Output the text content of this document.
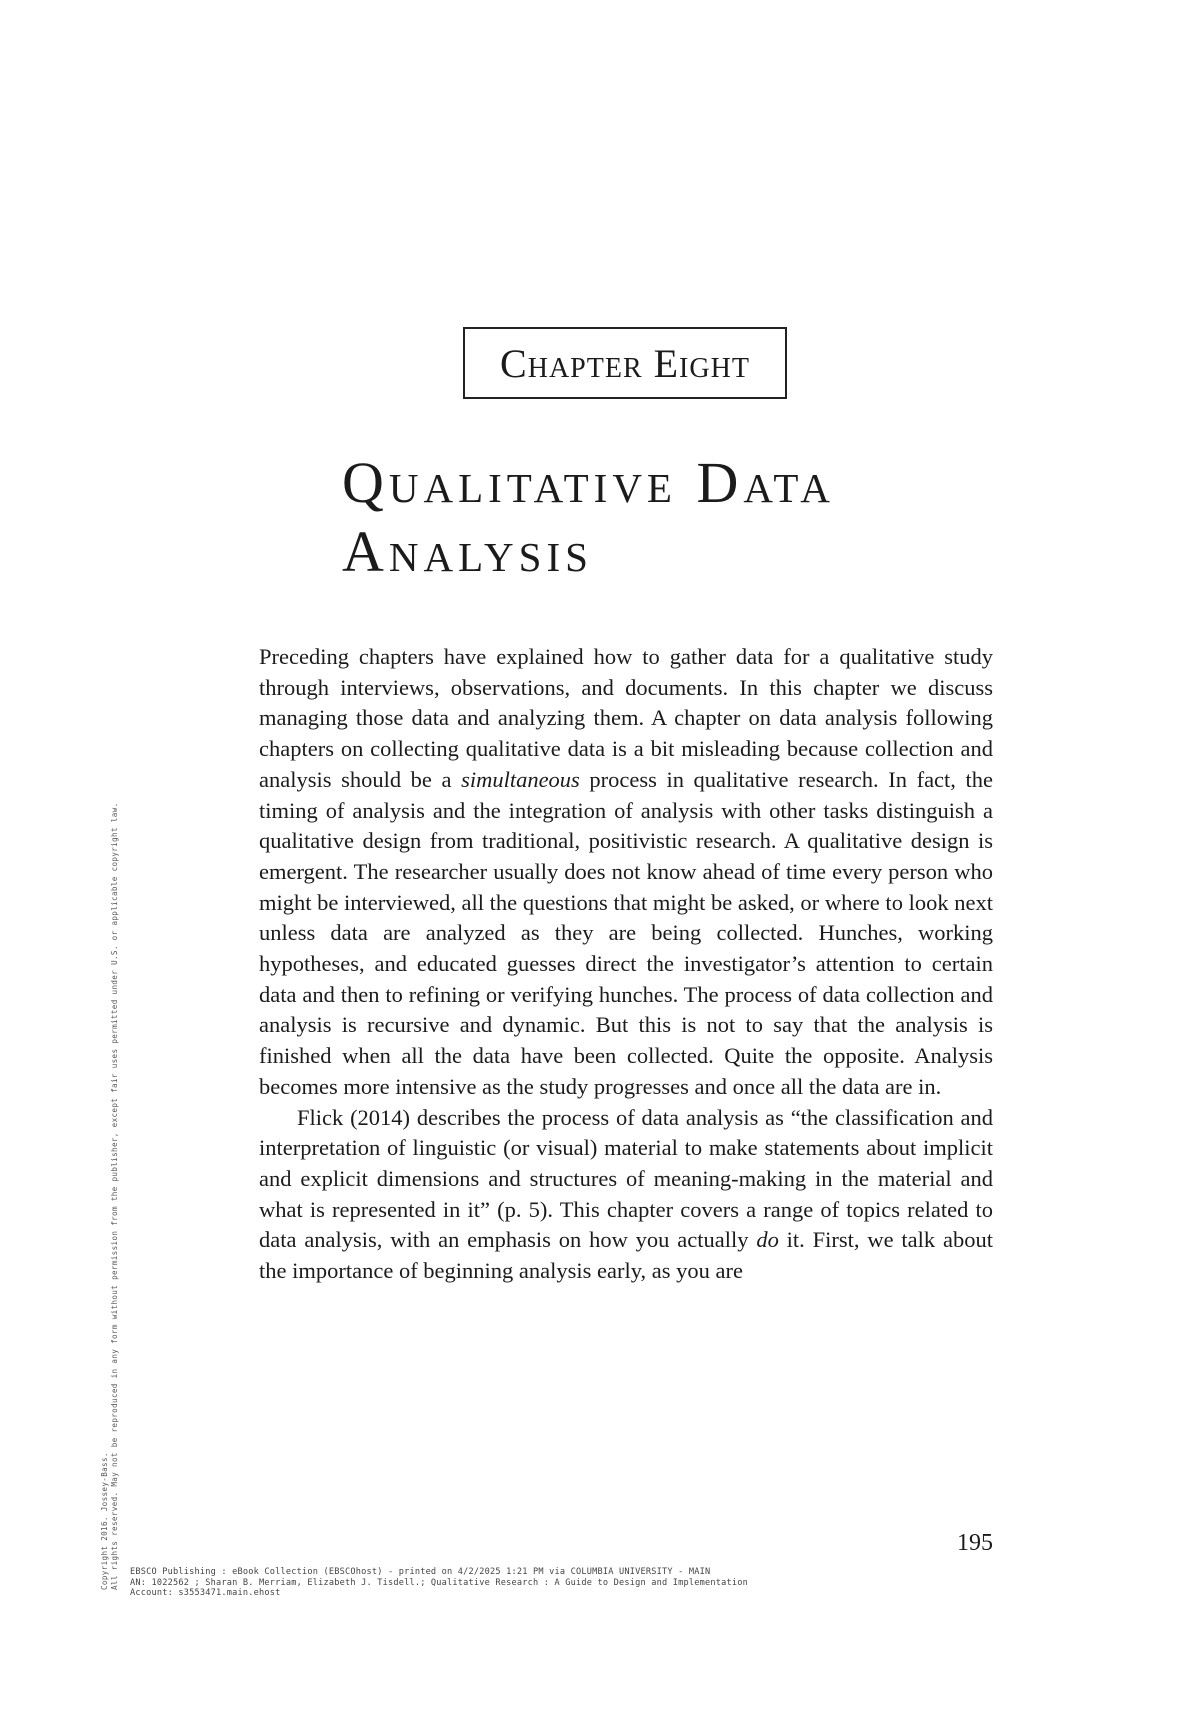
Chapter Eight
Qualitative Data
Analysis

Preceding chapters have explained how to gather data for a qualitative study through interviews, observations, and documents. In this chapter we discuss managing those data and analyzing them. A chapter on data analysis following chapters on collecting qualitative data is a bit misleading because collection and analysis should be a simultaneous process in qualitative research. In fact, the timing of analysis and the integration of analysis with other tasks distinguish a qualitative design from traditional, positivistic research. A qualitative design is emergent. The researcher usually does not know ahead of time every person who might be interviewed, all the questions that might be asked, or where to look next unless data are analyzed as they are being collected. Hunches, working hypotheses, and educated guesses direct the investigator’s attention to certain data and then to refining or verifying hunches. The process of data collection and analysis is recursive and dynamic. But this is not to say that the analysis is finished when all the data have been collected. Quite the opposite. Analysis becomes more intensive as the study progresses and once all the data are in.

Flick (2014) describes the process of data analysis as “the classification and interpretation of linguistic (or visual) material to make statements about implicit and explicit dimensions and structures of meaning-making in the material and what is represented in it” (p. 5). This chapter covers a range of topics related to data analysis, with an emphasis on how you actually do it. First, we talk about the importance of beginning analysis early, as you are

195
EBSCO Publishing : eBook Collection (EBSCOhost) - printed on 4/2/2025 1:21 PM via COLUMBIA UNIVERSITY - MAIN
AN: 1022562 ; Sharan B. Merriam, Elizabeth J. Tisdell.; Qualitative Research : A Guide to Design and Implementation
Account: s3553471.main.ehost
Copyright 2016. Jossey-Bass. All rights reserved. May not be reproduced in any form without permission from the publisher, except fair uses permitted under U.S. or applicable copyright law.
